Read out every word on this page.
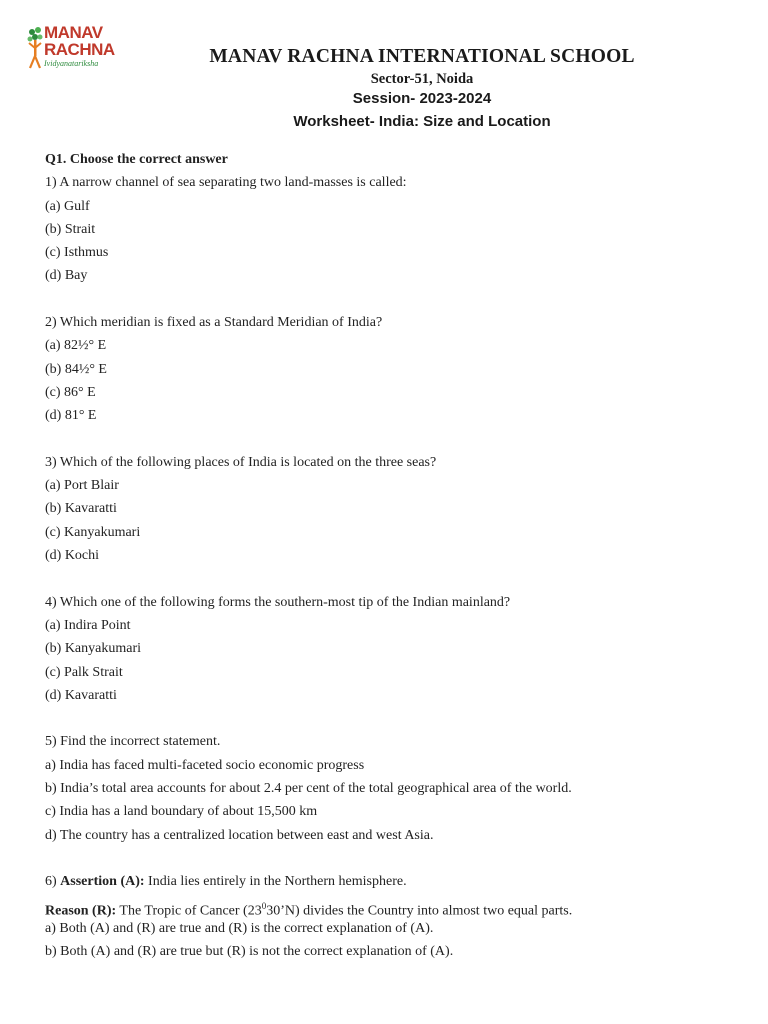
MANAV
RACHNA
Ividyanatariksha	MANAV RACHNA INTERNATIONAL SCHOOL
Sector-51, Noida
Session- 2023-2024
Worksheet- India: Size and Location
Q1. Choose the correct answer
1) A narrow channel of sea separating two land-masses is called:
(a) Gulf
(b) Strait
(c) Isthmus
(d) Bay
2) Which meridian is fixed as a Standard Meridian of India?
(a) 82½° E
(b) 84½° E
(c) 86° E
(d) 81° E
3) Which of the following places of India is located on the three seas?
(a) Port Blair
(b) Kavaratti
(c) Kanyakumari
(d) Kochi
4) Which one of the following forms the southern-most tip of the Indian mainland?
(a) Indira Point
(b) Kanyakumari
(c) Palk Strait
(d) Kavaratti
5) Find the incorrect statement.
a) India has faced multi-faceted socio economic progress
b) India’s total area accounts for about 2.4 per cent of the total geographical area of the world.
c) India has a land boundary of about 15,500 km
d) The country has a centralized location between east and west Asia.
6) Assertion (A): India lies entirely in the Northern hemisphere.
Reason (R): The Tropic of Cancer $(23^030’N)$ divides the Country into almost two equal parts.
a) Both (A) and (R) are true and (R) is the correct explanation of (A).
b) Both (A) and (R) are true but (R) is not the correct explanation of (A).
